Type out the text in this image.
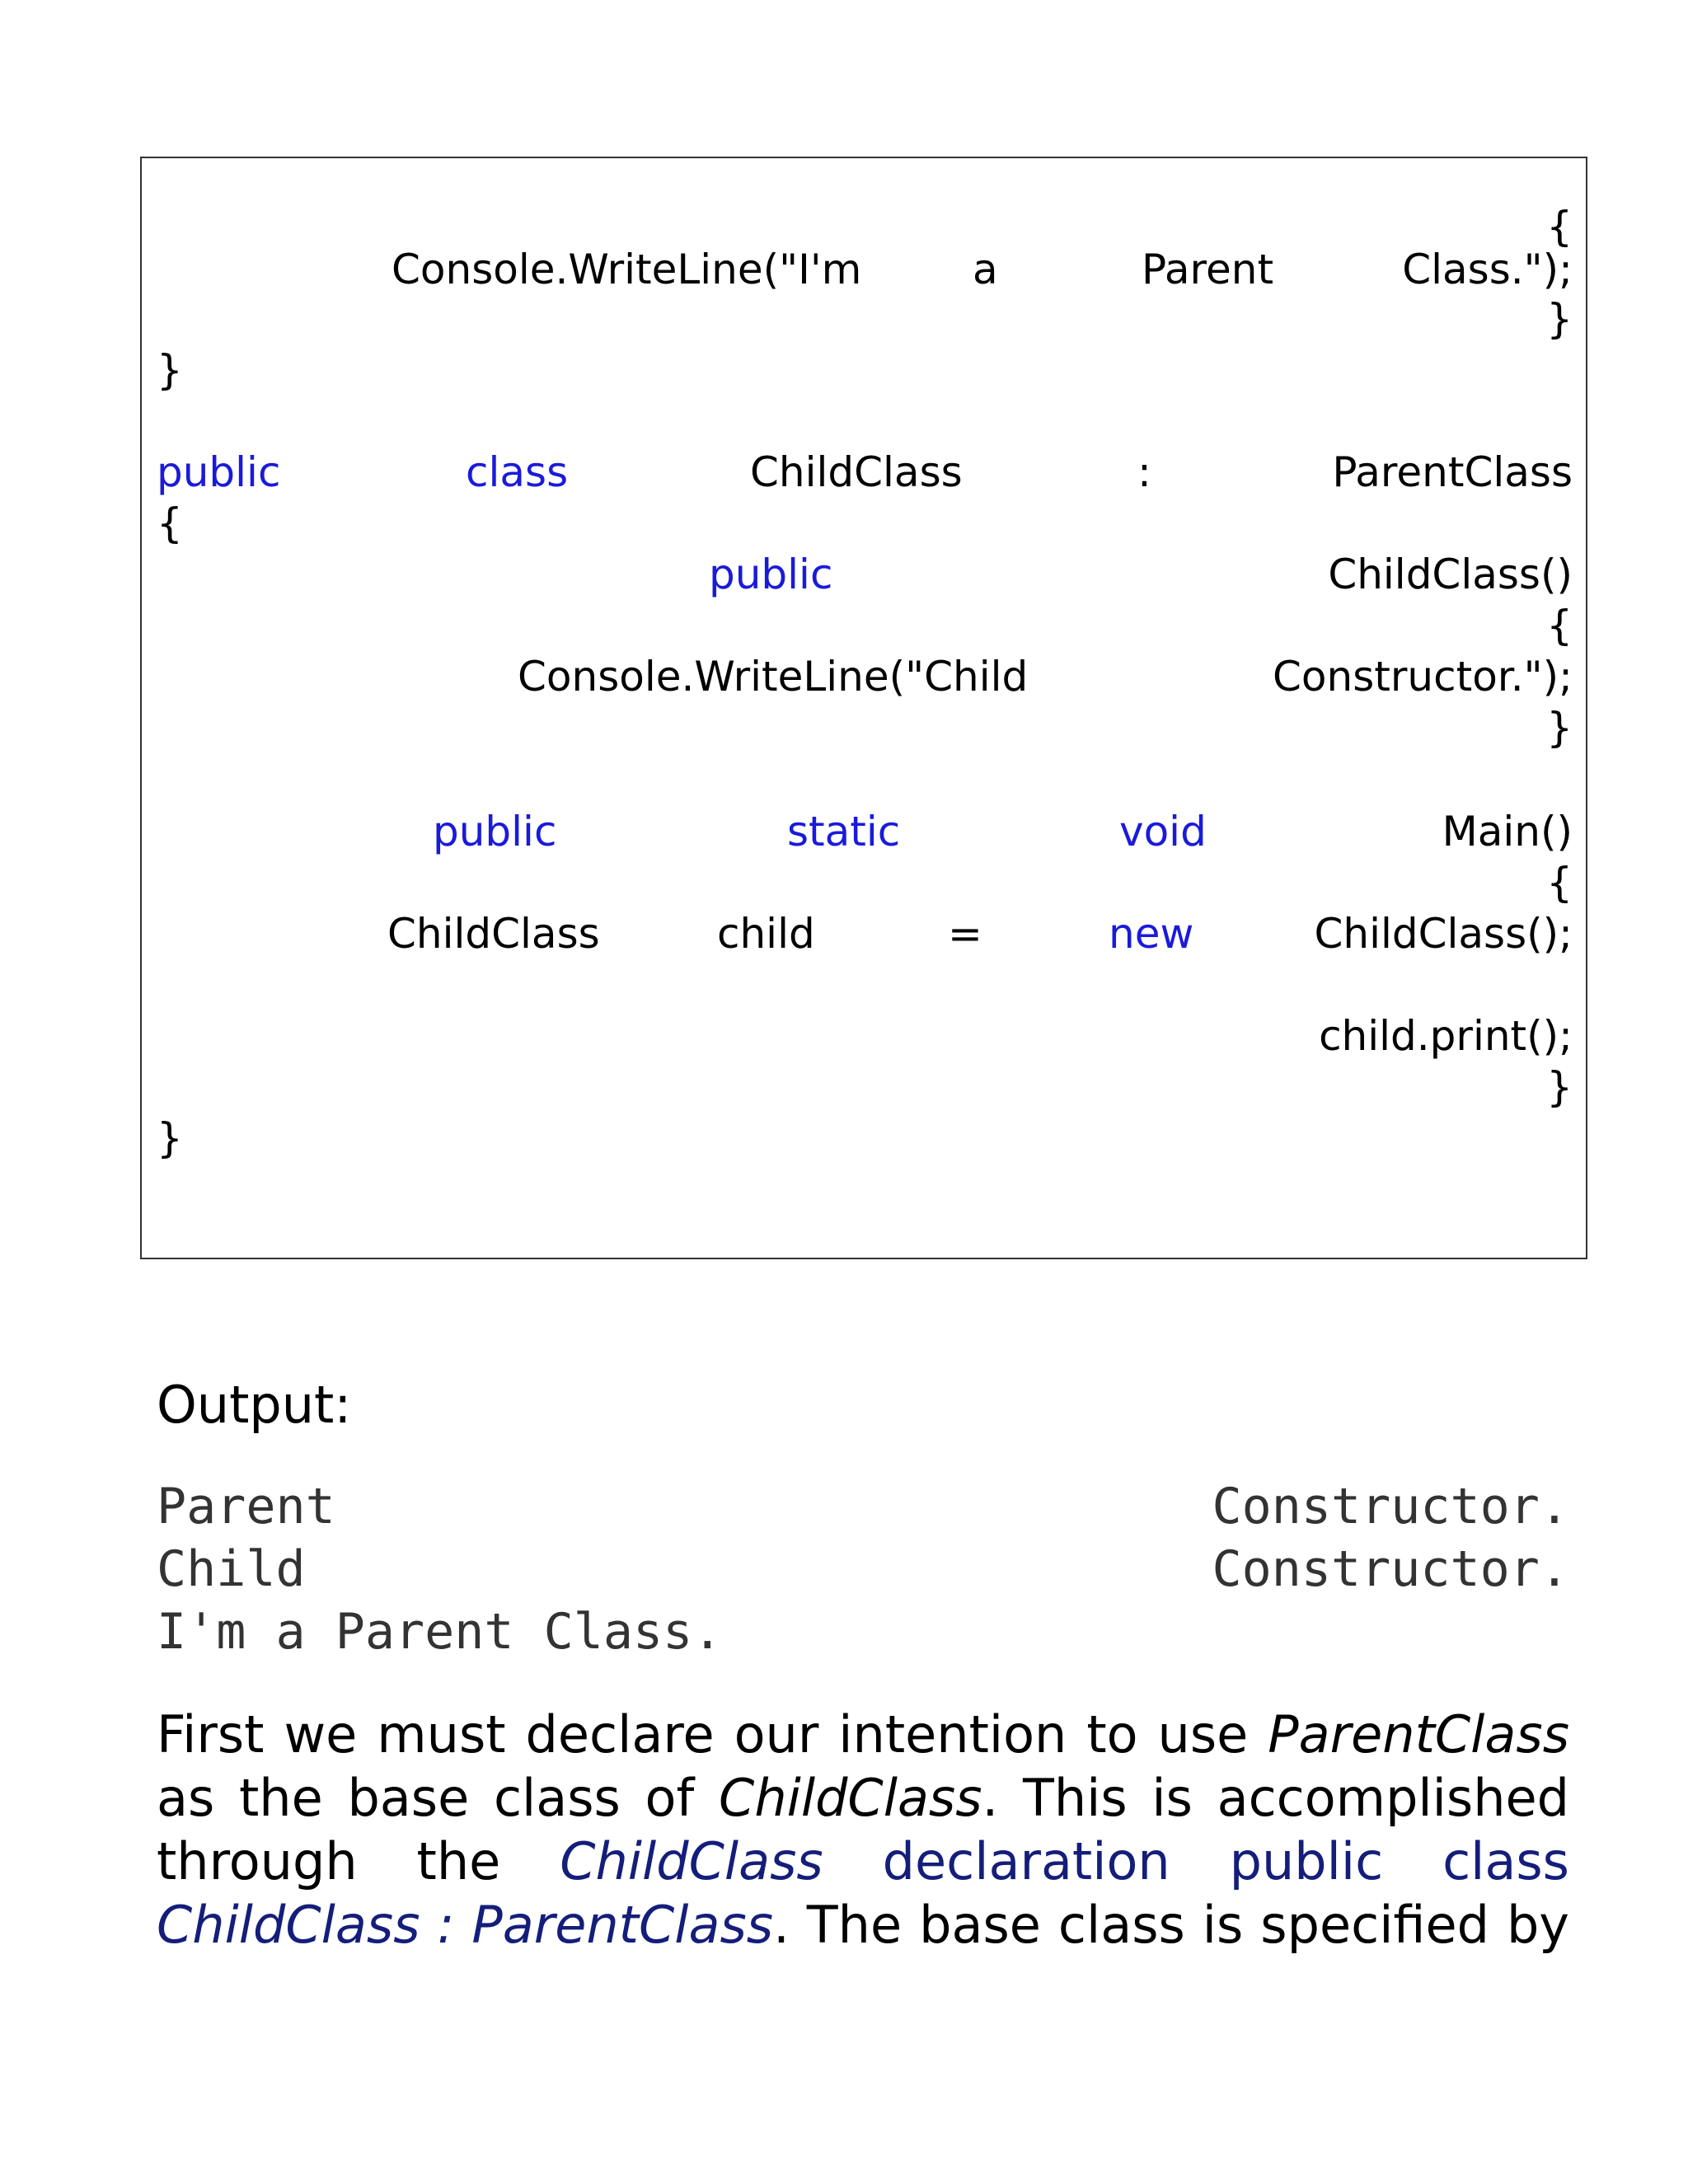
{
Console.WriteLine("I'm	a	Parent	Class.");
}
}
public	class	ChildClass	:	ParentClass
{
public	ChildClass()
{
Console.WriteLine("Child	Constructor.");
}
public	static	void	Main()
{
ChildClass	child	=	new	ChildClass();
child.print();
}
}
Output:
Parent	Constructor.
Child	Constructor.
I'm a Parent Class.
First we must declare our intention to use ParentClass
as the base class of ChildClass. This is accomplished
through the ChildClass declaration public class
ChildClass : ParentClass. The base class is specified by
